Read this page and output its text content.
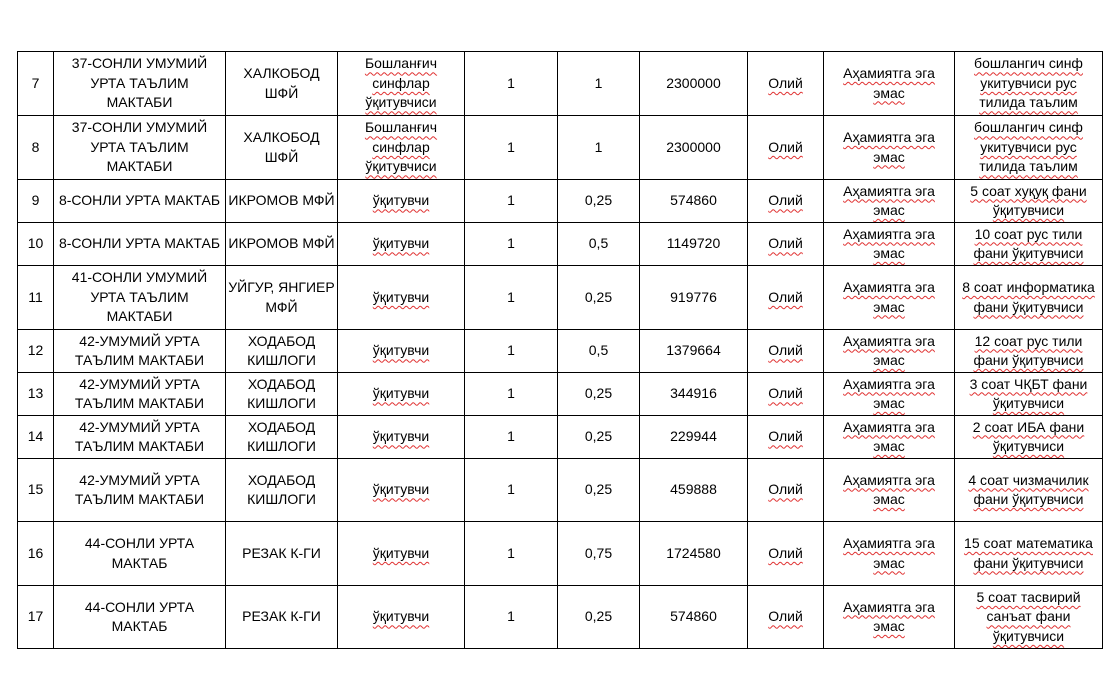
7	37-СОНЛИ УМУМИЙ УРТА ТАЪЛИМ МАКТАБИ	ХАЛКОБОД ШФЙ	Бошланғич синфлар ўқитувчиси	1	1	2300000	Олий	Аҳамиятга эга эмас	бошлангич синф укитувчиси рус тилида таълим
8	37-СОНЛИ УМУМИЙ УРТА ТАЪЛИМ МАКТАБИ	ХАЛКОБОД ШФЙ	Бошланғич синфлар ўқитувчиси	1	1	2300000	Олий	Аҳамиятга эга эмас	бошлангич синф укитувчиси рус тилида таълим
9	8-СОНЛИ УРТА МАКТАБ	ИКРОМОВ МФЙ	ўқитувчи	1	0,25	574860	Олий	Аҳамиятга эга эмас	5 соат хуқуқ фани ўқитувчиси
10	8-СОНЛИ УРТА МАКТАБ	ИКРОМОВ МФЙ	ўқитувчи	1	0,5	1149720	Олий	Аҳамиятга эга эмас	10 соат рус тили фани ўқитувчиси
11	41-СОНЛИ УМУМИЙ УРТА ТАЪЛИМ МАКТАБИ	УЙГУР, ЯНГИЕР МФЙ	ўқитувчи	1	0,25	919776	Олий	Аҳамиятга эга эмас	8 соат информатика фани ўқитувчиси
12	42-УМУМИЙ УРТА ТАЪЛИМ МАКТАБИ	ХОДАБОД КИШЛОГИ	ўқитувчи	1	0,5	1379664	Олий	Аҳамиятга эга эмас	12 соат рус тили фани ўқитувчиси
13	42-УМУМИЙ УРТА ТАЪЛИМ МАКТАБИ	ХОДАБОД КИШЛОГИ	ўқитувчи	1	0,25	344916	Олий	Аҳамиятга эга эмас	3 соат ЧҚБТ фани ўқитувчиси
14	42-УМУМИЙ УРТА ТАЪЛИМ МАКТАБИ	ХОДАБОД КИШЛОГИ	ўқитувчи	1	0,25	229944	Олий	Аҳамиятга эга эмас	2 соат ИБА фани ўқитувчиси
15	42-УМУМИЙ УРТА ТАЪЛИМ МАКТАБИ	ХОДАБОД КИШЛОГИ	ўқитувчи	1	0,25	459888	Олий	Аҳамиятга эга эмас	4 соат чизмачилик фани ўқитувчиси
16	44-СОНЛИ УРТА МАКТАБ	РЕЗАК К-ГИ	ўқитувчи	1	0,75	1724580	Олий	Аҳамиятга эга эмас	15 соат математика фани ўқитувчиси
17	44-СОНЛИ УРТА МАКТАБ	РЕЗАК К-ГИ	ўқитувчи	1	0,25	574860	Олий	Аҳамиятга эга эмас	5 соат тасвирий санъат фани ўқитувчиси
